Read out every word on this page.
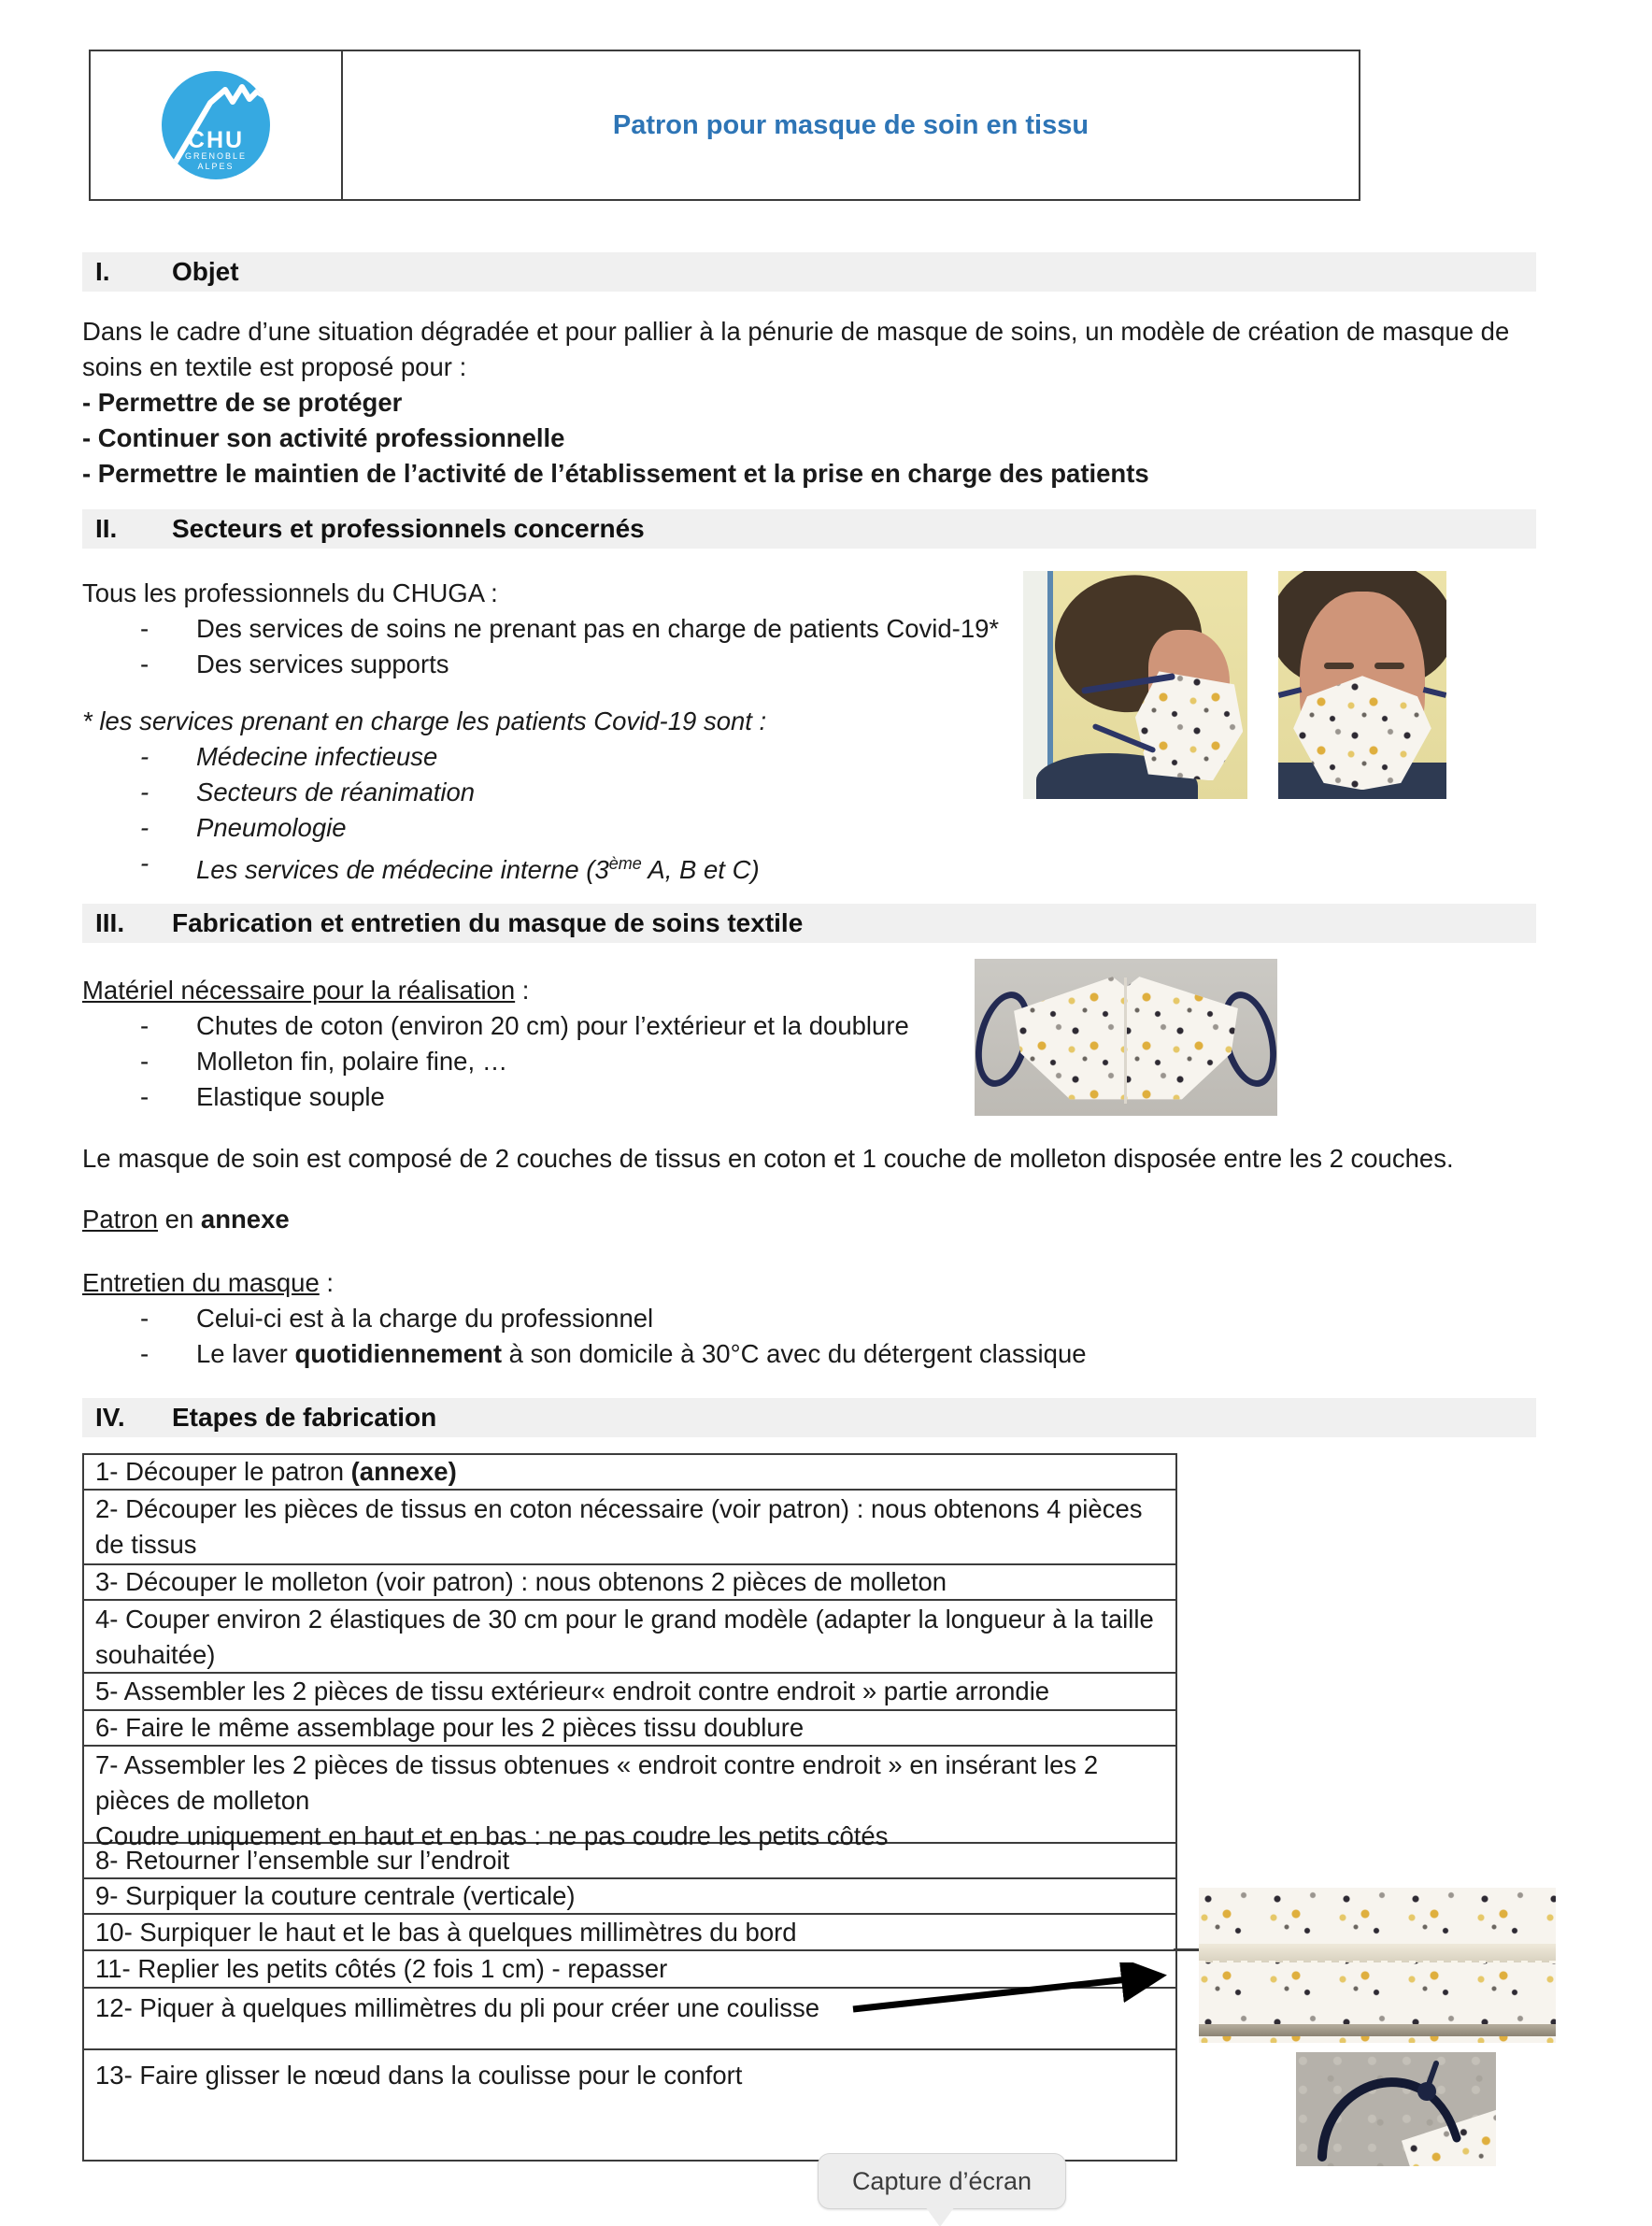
CHU
GRENOBLE
ALPES
Patron pour masque de soin en tissu
I.	Objet
Dans le cadre d’une situation dégradée et pour pallier à la pénurie de masque de soins, un modèle de création de masque de soins en textile est proposé pour :
- Permettre de se protéger
- Continuer son activité professionnelle
- Permettre le maintien de l’activité de l’établissement et la prise en charge des patients
II.	Secteurs et professionnels concernés
Tous les professionnels du CHUGA :
-	Des services de soins ne prenant pas en charge de patients Covid-19*
-	Des services supports
* les services prenant en charge les patients Covid-19 sont :
-	Médecine infectieuse
-	Secteurs de réanimation
-	Pneumologie
-	Les services de médecine interne (3ème A, B et C)
III.	Fabrication et entretien du masque de soins textile
Matériel nécessaire pour la réalisation :
-	Chutes de coton (environ 20 cm) pour l’extérieur et la doublure
-	Molleton fin, polaire fine, …
-	Elastique souple
Le masque de soin est composé de 2 couches de tissus en coton et 1 couche de molleton disposée entre les 2 couches.
Patron en annexe
Entretien du masque :
-	Celui-ci est à la charge du professionnel
-	Le laver quotidiennement à son domicile à 30°C avec du détergent classique
IV.	Etapes de fabrication
1- Découper le patron (annexe)
2- Découper les pièces de tissus en coton nécessaire (voir patron) : nous obtenons 4 pièces de tissus
3- Découper le molleton (voir patron) : nous obtenons 2 pièces de molleton
4- Couper environ 2 élastiques de 30 cm pour le grand modèle (adapter la longueur à la taille souhaitée)
5- Assembler les 2 pièces de tissu extérieur« endroit contre endroit » partie arrondie
6- Faire le même assemblage pour les 2 pièces tissu doublure
7- Assembler les 2 pièces de tissus obtenues « endroit contre endroit » en insérant les 2 pièces de molleton
Coudre uniquement en haut et en bas : ne pas coudre les petits côtés
8- Retourner l’ensemble sur l’endroit
9- Surpiquer la couture centrale (verticale)
10- Surpiquer le haut et le bas à quelques millimètres du bord
11- Replier les petits côtés (2 fois 1 cm) - repasser
12- Piquer à quelques millimètres du pli pour créer une coulisse
13- Faire glisser le nœud dans la coulisse pour le confort
Capture d’écran
